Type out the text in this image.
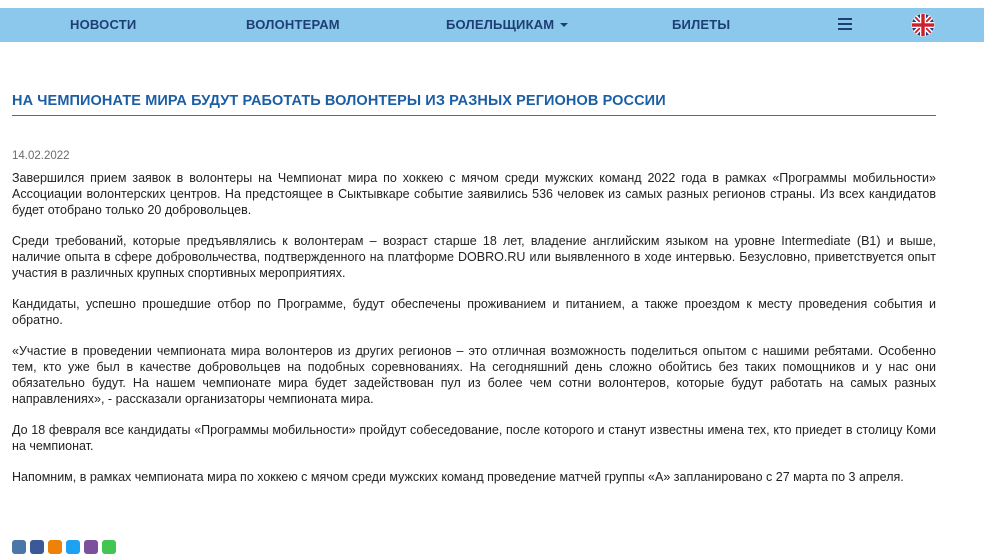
НОВОСТИ	ВОЛОНТЕРАМ	БОЛЕЛЬЩИКАМ	БИЛЕТЫ
НА ЧЕМПИОНАТЕ МИРА БУДУТ РАБОТАТЬ ВОЛОНТЕРЫ ИЗ РАЗНЫХ РЕГИОНОВ РОССИИ
14.02.2022

Завершился прием заявок в волонтеры на Чемпионат мира по хоккею с мячом среди мужских команд 2022 года в рамках «Программы мобильности» Ассоциации волонтерских центров. На предстоящее в Сыктывкаре событие заявились 536 человек из самых разных регионов страны. Из всех кандидатов будет отобрано только 20 добровольцев.

Среди требований, которые предъявлялись к волонтерам – возраст старше 18 лет, владение английским языком на уровне Intermediate (B1) и выше, наличие опыта в сфере добровольчества, подтвержденного на платформе DOBRO.RU или выявленного в ходе интервью. Безусловно, приветствуется опыт участия в различных крупных спортивных мероприятиях.

Кандидаты, успешно прошедшие отбор по Программе, будут обеспечены проживанием и питанием, а также проездом к месту проведения события и обратно.

«Участие в проведении чемпионата мира волонтеров из других регионов – это отличная возможность поделиться опытом с нашими ребятами. Особенно тем, кто уже был в качестве добровольцев на подобных соревнованиях. На сегодняшний день сложно обойтись без таких помощников и у нас они обязательно будут. На нашем чемпионате мира будет задействован пул из более чем сотни волонтеров, которые будут работать на самых разных направлениях», - рассказали организаторы чемпионата мира.

До 18 февраля все кандидаты «Программы мобильности» пройдут собеседование, после которого и станут известны имена тех, кто приедет в столицу Коми на чемпионат.

Напомним, в рамках чемпионата мира по хоккею с мячом среди мужских команд проведение матчей группы «А» запланировано с 27 марта по 3 апреля.
